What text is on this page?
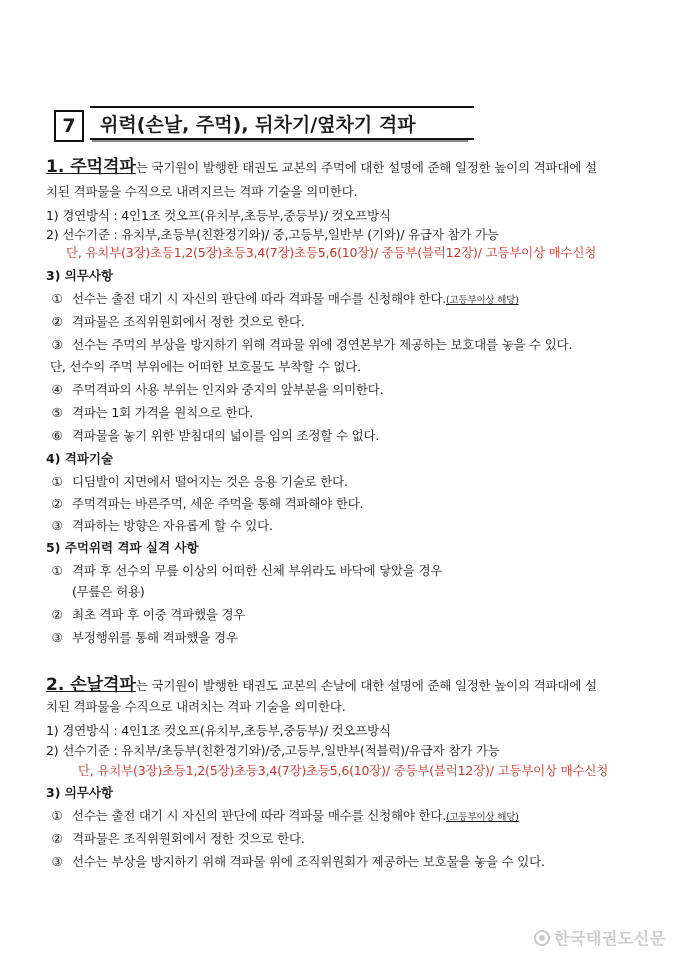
7	위력(손날, 주먹), 뒤차기/옆차기 격파
1. 주먹격파는 국기원이 발행한 태권도 교본의 주먹에 대한 설명에 준해 일정한 높이의 격파대에 설
치된 격파물을 수직으로 내려지르는 격파 기술을 의미한다.
1) 경연방식 : 4인1조 컷오프(유치부,초등부,중등부)/ 컷오프방식
2) 선수기준 : 유치부,초등부(친환경기와)/ 중,고등부,일반부 (기와)/ 유급자 참가 가능
단, 유치부(3장)초등1,2(5장)초등3,4(7장)초등5,6(10장)/ 중등부(블럭12장)/ 고등부이상 매수신청
3) 의무사항
① 선수는 출전 대기 시 자신의 판단에 따라 격파물 매수를 신청해야 한다.(고등부이상 해당)
② 격파물은 조직위원회에서 정한 것으로 한다.
③ 선수는 주먹의 부상을 방지하기 위해 격파물 위에 경연본부가 제공하는 보호대를 놓을 수 있다.
단, 선수의 주먹 부위에는 어떠한 보호물도 부착할 수 없다.
④ 주먹격파의 사용 부위는 인지와 중지의 앞부분을 의미한다.
⑤ 격파는 1회 가격을 원칙으로 한다.
⑥ 격파물을 놓기 위한 받침대의 넓이를 임의 조정할 수 없다.
4) 격파기술
① 디딤발이 지면에서 떨어지는 것은 응용 기술로 한다.
② 주먹격파는 바른주먹, 세운 주먹을 통해 격파해야 한다.
③ 격파하는 방향은 자유롭게 할 수 있다.
5) 주먹위력 격파 실격 사항
① 격파 후 선수의 무릎 이상의 어떠한 신체 부위라도 바닥에 닿았을 경우
(무릎은 허용)
② 최초 격파 후 이중 격파했을 경우
③ 부정행위를 통해 격파했을 경우
2. 손날격파는 국기원이 발행한 태권도 교본의 손날에 대한 설명에 준해 일정한 높이의 격파대에 설
치된 격파물을 수직으로 내려치는 격파 기술을 의미한다.
1) 경연방식 : 4인1조 컷오프(유치부,초등부,중등부)/ 컷오프방식
2) 선수기준 : 유치부/초등부(친환경기와)/중,고등부,일반부(적블럭)/유급자 참가 가능
단, 유치부(3장)초등1,2(5장)초등3,4(7장)초등5,6(10장)/ 중등부(블럭12장)/ 고등부이상 매수신청
3) 의무사항
① 선수는 출전 대기 시 자신의 판단에 따라 격파물 매수를 신청해야 한다.(고등부이상 해당)
② 격파물은 조직위원회에서 정한 것으로 한다.
③ 선수는 부상을 방지하기 위해 격파물 위에 조직위원회가 제공하는 보호물을 놓을 수 있다.
한국태권도신문
